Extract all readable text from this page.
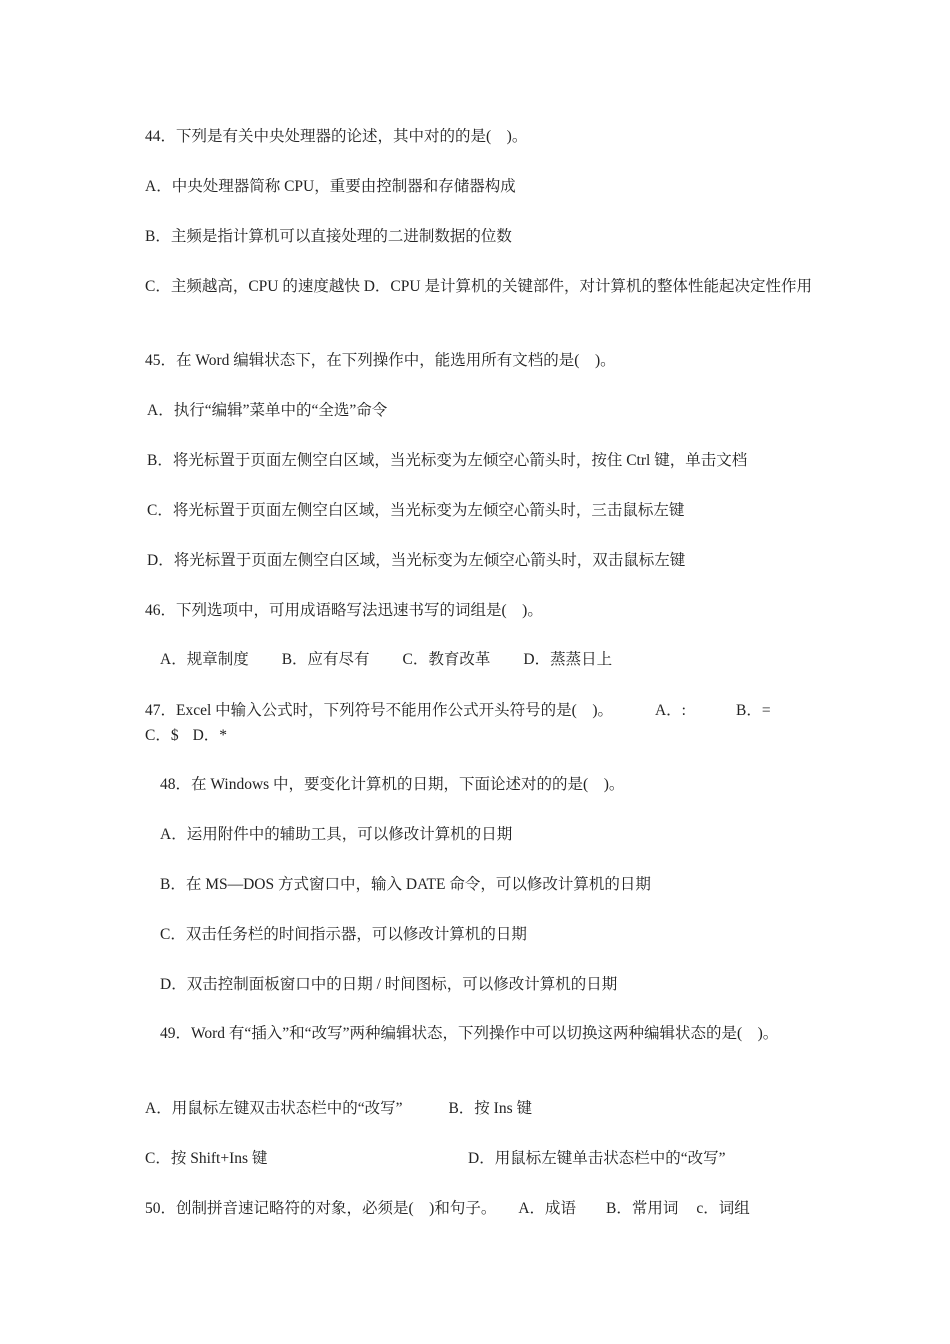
44．下列是有关中央处理器的论述，其中对的的是(　)。
A．中央处理器简称 CPU，重要由控制器和存储器构成
B．主频是指计算机可以直接处理的二进制数据的位数
C．主频越高，CPU 的速度越快 D．CPU 是计算机的关键部件，对计算机的整体性能起决定性作用
45．在 Word 编辑状态下，在下列操作中，能选用所有文档的是(　)。
A．执行“编辑”菜单中的“全选”命令
B．将光标置于页面左侧空白区域，当光标变为左倾空心箭头时，按住 Ctrl 键，单击文档
C．将光标置于页面左侧空白区域，当光标变为左倾空心箭头时，三击鼠标左键
D．将光标置于页面左侧空白区域，当光标变为左倾空心箭头时，双击鼠标左键
46．下列选项中，可用成语略写法迅速书写的词组是(　)。
A．规章制度 B．应有尽有 C．教育改革 D．蒸蒸日上
47．Excel 中输入公式时，下列符号不能用作公式开头符号的是(　)。	A．:	B．=
C．$ D．*
48．在 Windows 中，要变化计算机的日期，下面论述对的的是(　)。
A．运用附件中的辅助工具，可以修改计算机的日期
B．在 MS—DOS 方式窗口中，输入 DATE 命令，可以修改计算机的日期
C．双击任务栏的时间指示器，可以修改计算机的日期
D．双击控制面板窗口中的日期 / 时间图标，可以修改计算机的日期
49．Word 有“插入”和“改写”两种编辑状态，下列操作中可以切换这两种编辑状态的是(　)。
A．用鼠标左键双击状态栏中的“改写”	B．按 Ins 键
C．按 Shift+Ins 键	D．用鼠标左键单击状态栏中的“改写”
50．创制拼音速记略符的对象，必须是(　)和句子。 A．成语 B．常用词 c．词组
